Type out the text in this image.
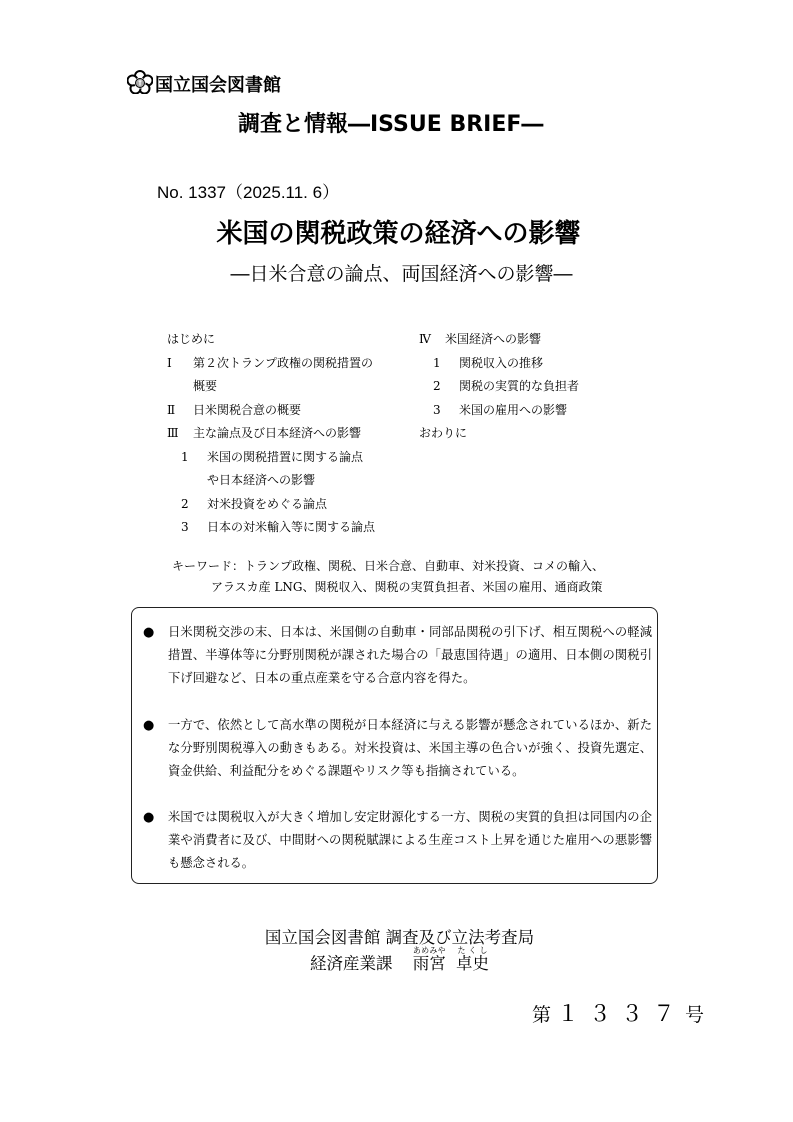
国立国会図書館
調査と情報―ISSUE BRIEF―
No. 1337（2025.11. 6）
米国の関税政策の経済への影響
―日米合意の論点、両国経済への影響―
はじめに
Ⅰ	第２次トランプ政権の関税措置の
概要
Ⅱ	日米関税合意の概要
Ⅲ	主な論点及び日本経済への影響
1	米国の関税措置に関する論点
や日本経済への影響
2	対米投資をめぐる論点
3	日本の対米輸入等に関する論点
Ⅳ	米国経済への影響
1	関税収入の推移
2	関税の実質的な負担者
3	米国の雇用への影響
おわりに
キーワード：トランプ政権、関税、日米合意、自動車、対米投資、コメの輸入、
アラスカ産 LNG、関税収入、関税の実質負担者、米国の雇用、通商政策
●	日米関税交渉の末、日本は、米国側の自動車・同部品関税の引下げ、相互関税への軽減措置、半導体等に分野別関税が課された場合の「最恵国待遇」の適用、日本側の関税引下げ回避など、日本の重点産業を守る合意内容を得た。
●	一方で、依然として高水準の関税が日本経済に与える影響が懸念されているほか、新たな分野別関税導入の動きもある。対米投資は、米国主導の色合いが強く、投資先選定、資金供給、利益配分をめぐる課題やリスク等も指摘されている。
●	米国では関税収入が大きく増加し安定財源化する一方、関税の実質的負担は同国内の企業や消費者に及び、中間財への関税賦課による生産コスト上昇を通じた雇用への悪影響も懸念される。
国立国会図書館 調査及び立法考査局
経済産業課 雨宮あめみや 卓史たくし
第 １３３７号
